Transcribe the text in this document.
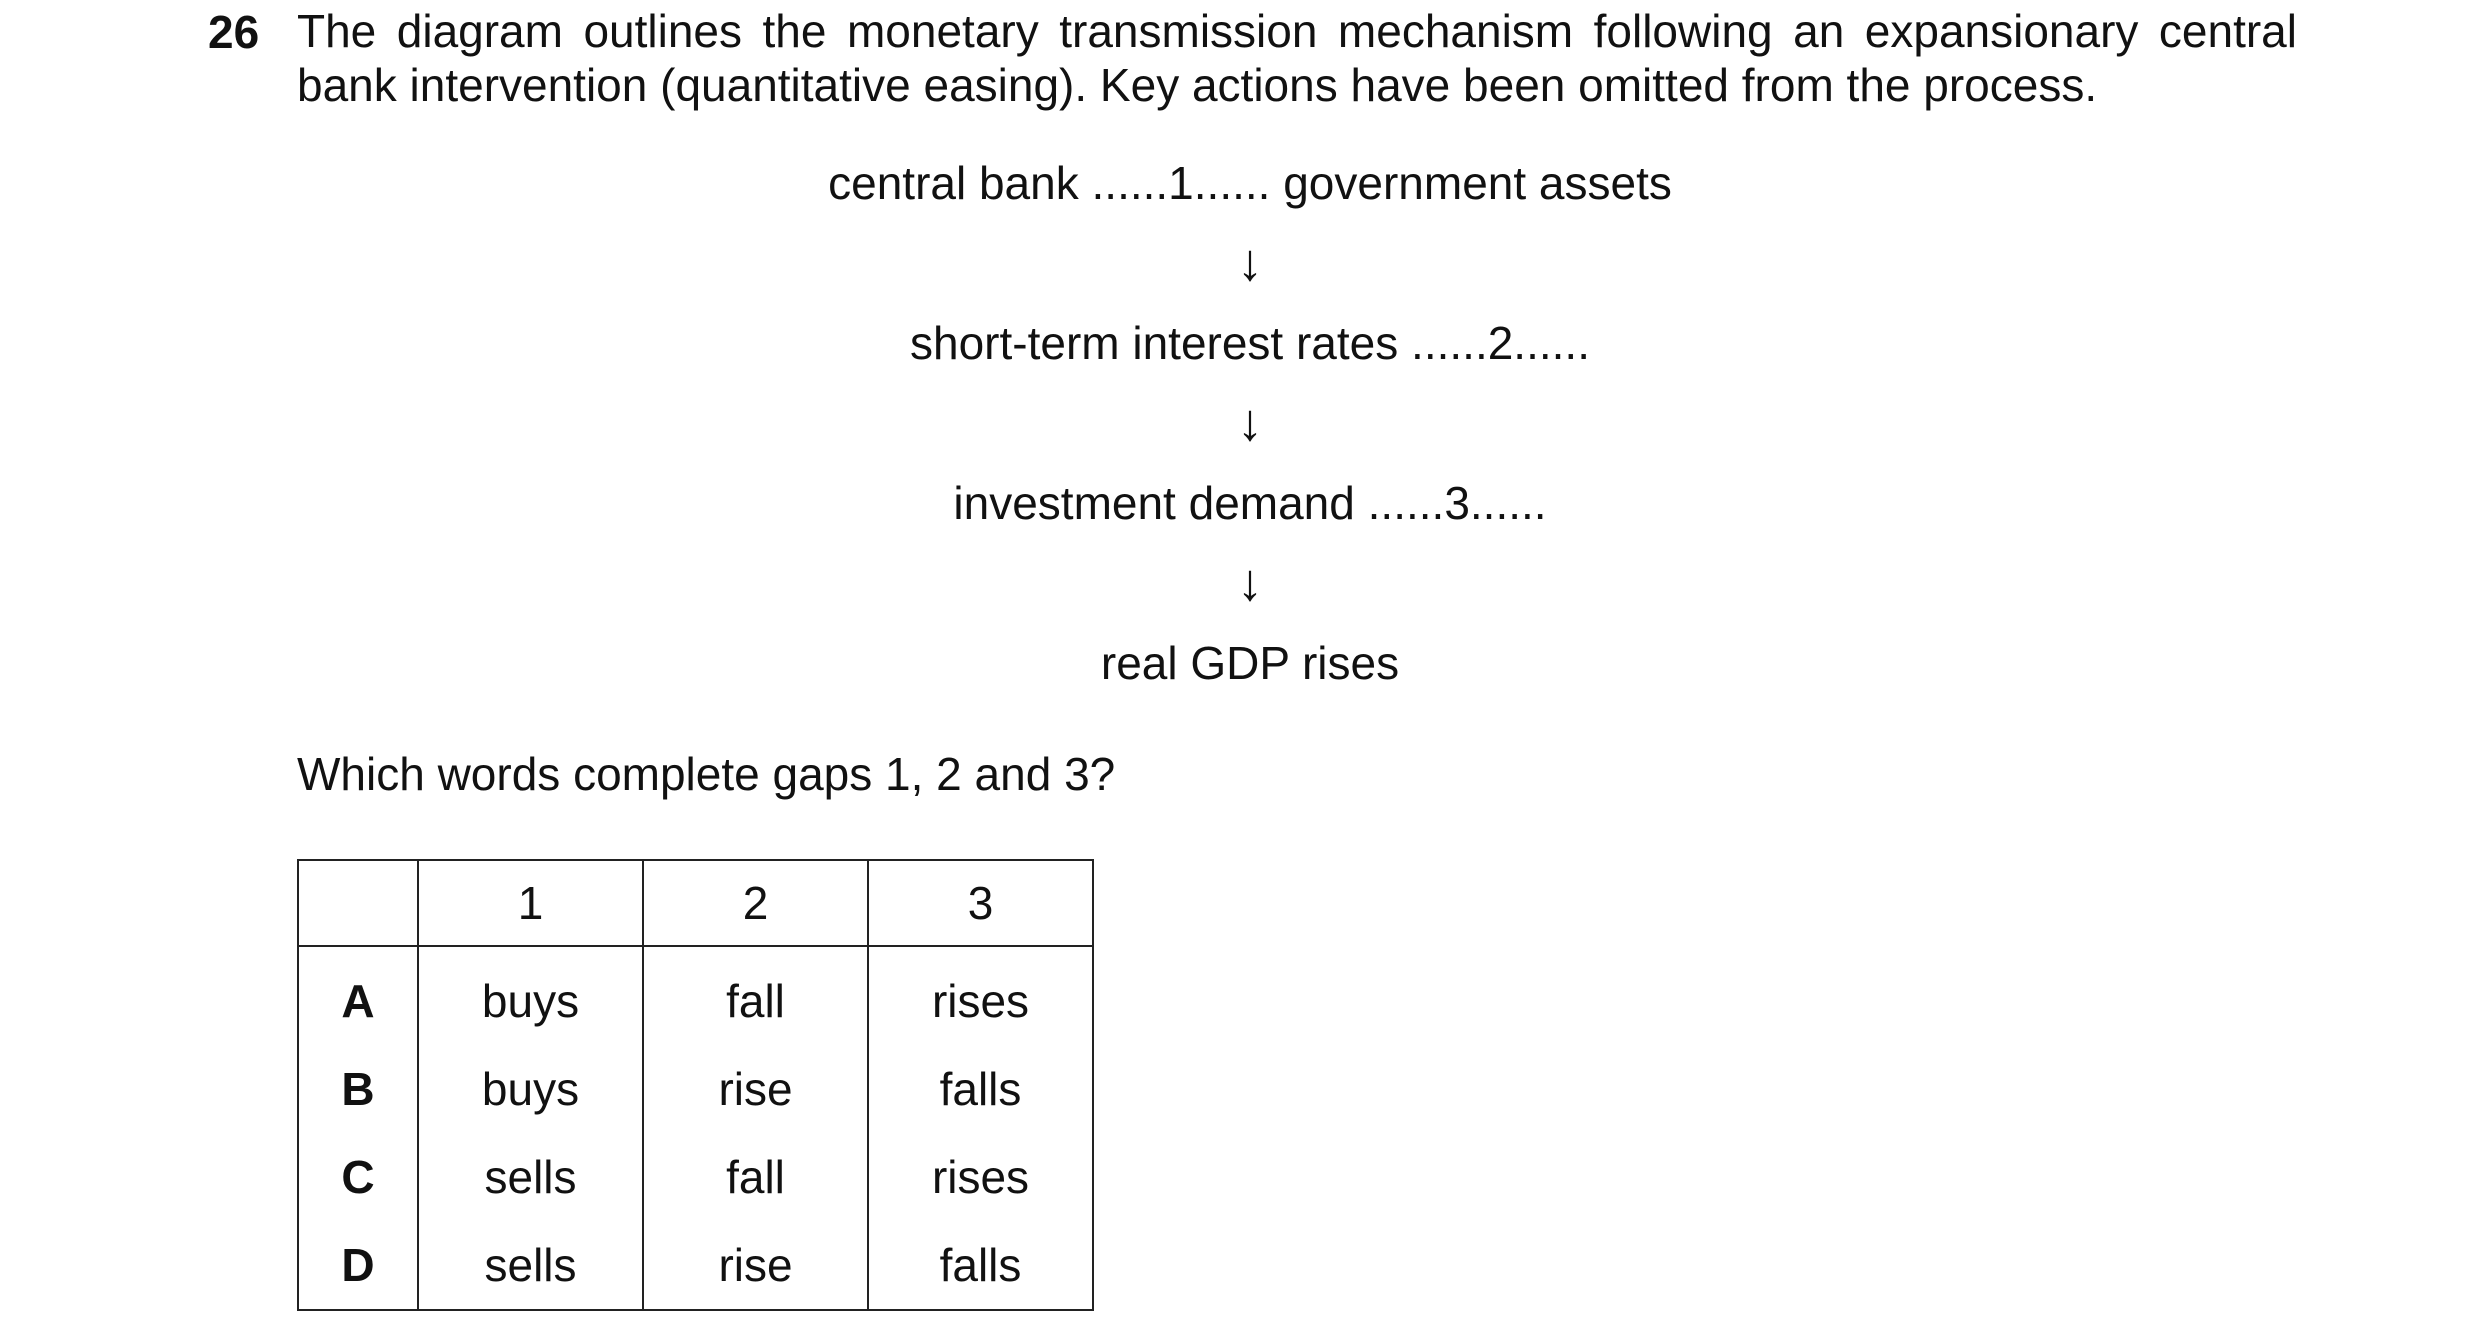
26 The diagram outlines the monetary transmission mechanism following an expansionary central
bank intervention (quantitative easing). Key actions have been omitted from the process.
central bank ......1...... government assets
↓
short-term interest rates ......2......
↓
investment demand ......3......
↓
real GDP rises
Which words complete gaps 1, 2 and 3?
	1	2	3
A	buys	fall	rises
B	buys	rise	falls
C	sells	fall	rises
D	sells	rise	falls
